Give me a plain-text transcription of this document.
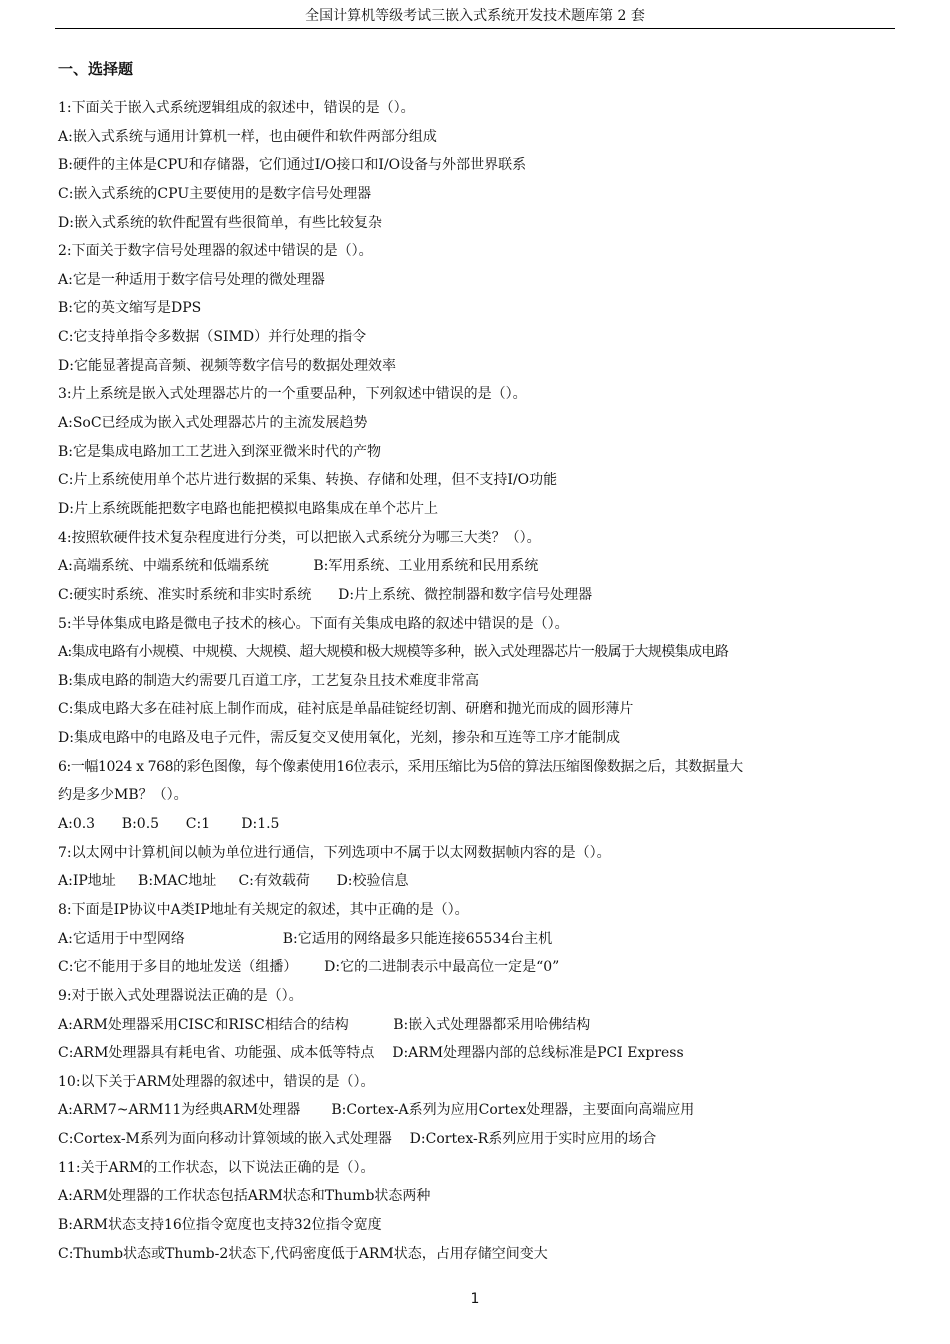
全国计算机等级考试三嵌入式系统开发技术题库第 2 套
一、选择题
1:下面关于嵌入式系统逻辑组成的叙述中，错误的是（）。
A:嵌入式系统与通用计算机一样，也由硬件和软件两部分组成
B:硬件的主体是CPU和存储器，它们通过I/O接口和I/O设备与外部世界联系
C:嵌入式系统的CPU主要使用的是数字信号处理器
D:嵌入式系统的软件配置有些很简单，有些比较复杂
2:下面关于数字信号处理器的叙述中错误的是（）。
A:它是一种适用于数字信号处理的微处理器
B:它的英文缩写是DPS
C:它支持单指令多数据（SIMD）并行处理的指令
D:它能显著提高音频、视频等数字信号的数据处理效率
3:片上系统是嵌入式处理器芯片的一个重要品种，下列叙述中错误的是（）。
A:SoC已经成为嵌入式处理器芯片的主流发展趋势
B:它是集成电路加工工艺进入到深亚微米时代的产物
C:片上系统使用单个芯片进行数据的采集、转换、存储和处理，但不支持I/O功能
D:片上系统既能把数字电路也能把模拟电路集成在单个芯片上
4:按照软硬件技术复杂程度进行分类，可以把嵌入式系统分为哪三大类？（）。
A:高端系统、中端系统和低端系统          B:军用系统、工业用系统和民用系统
C:硬实时系统、准实时系统和非实时系统      D:片上系统、微控制器和数字信号处理器
5:半导体集成电路是微电子技术的核心。下面有关集成电路的叙述中错误的是（）。
A:集成电路有小规模、中规模、大规模、超大规模和极大规模等多种，嵌入式处理器芯片一般属于大规模集成电路
B:集成电路的制造大约需要几百道工序，工艺复杂且技术难度非常高
C:集成电路大多在硅衬底上制作而成，硅衬底是单晶硅锭经切割、研磨和抛光而成的圆形薄片
D:集成电路中的电路及电子元件，需反复交叉使用氧化，光刻，掺杂和互连等工序才能制成
6:一幅1024 x 768的彩色图像，每个像素使用16位表示，采用压缩比为5倍的算法压缩图像数据之后，其数据量大
约是多少MB？（）。
A:0.3      B:0.5      C:1       D:1.5
7:以太网中计算机间以帧为单位进行通信，下列选项中不属于以太网数据帧内容的是（）。
A:IP地址     B:MAC地址     C:有效载荷      D:校验信息
8:下面是IP协议中A类IP地址有关规定的叙述，其中正确的是（）。
A:它适用于中型网络                      B:它适用的网络最多只能连接65534台主机
C:它不能用于多目的地址发送（组播）      D:它的二进制表示中最高位一定是“0”
9:对于嵌入式处理器说法正确的是（）。
A:ARM处理器采用CISC和RISC相结合的结构          B:嵌入式处理器都采用哈佛结构
C:ARM处理器具有耗电省、功能强、成本低等特点    D:ARM处理器内部的总线标准是PCI Express
10:以下关于ARM处理器的叙述中，错误的是（）。
A:ARM7~ARM11为经典ARM处理器       B:Cortex-A系列为应用Cortex处理器，主要面向高端应用
C:Cortex-M系列为面向移动计算领域的嵌入式处理器    D:Cortex-R系列应用于实时应用的场合
11:关于ARM的工作状态，以下说法正确的是（）。
A:ARM处理器的工作状态包括ARM状态和Thumb状态两种
B:ARM状态支持16位指令宽度也支持32位指令宽度
C:Thumb状态或Thumb-2状态下,代码密度低于ARM状态，占用存储空间变大
1
